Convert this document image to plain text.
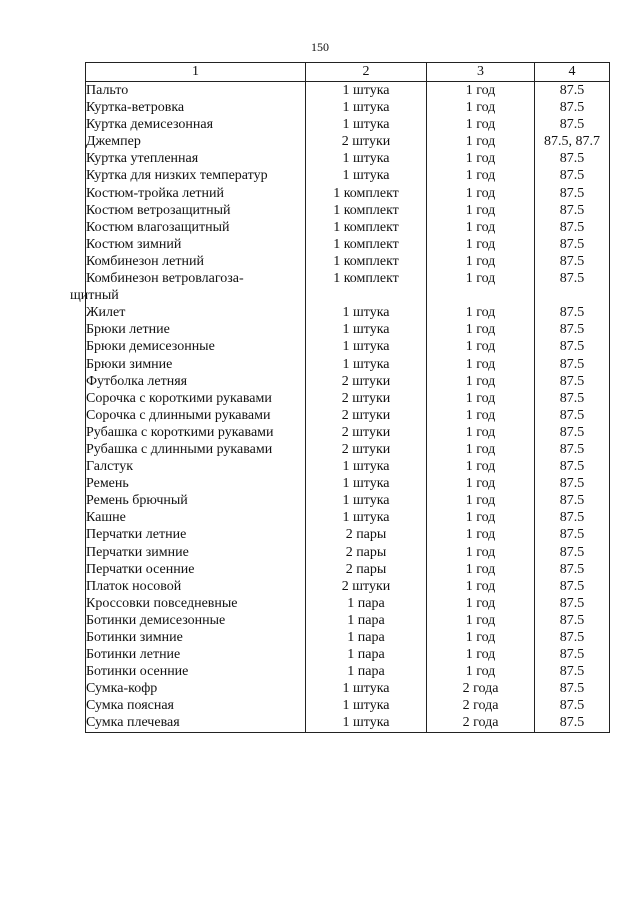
150
1	2	3	4
Пальто	1 штука	1 год	87.5
Куртка-ветровка	1 штука	1 год	87.5
Куртка демисезонная	1 штука	1 год	87.5
Джемпер	2 штуки	1 год	87.5, 87.7
Куртка утепленная	1 штука	1 год	87.5
Куртка для низких температур	1 штука	1 год	87.5
Костюм-тройка летний	1 комплект	1 год	87.5
Костюм ветрозащитный	1 комплект	1 год	87.5
Костюм влагозащитный	1 комплект	1 год	87.5
Костюм зимний	1 комплект	1 год	87.5
Комбинезон летний	1 комплект	1 год	87.5
Комбинезон ветровлагоза-
щитный	1 комплект	1 год	87.5
Жилет	1 штука	1 год	87.5
Брюки летние	1 штука	1 год	87.5
Брюки демисезонные	1 штука	1 год	87.5
Брюки зимние	1 штука	1 год	87.5
Футболка летняя	2 штуки	1 год	87.5
Сорочка с короткими рукавами	2 штуки	1 год	87.5
Сорочка с длинными рукавами	2 штуки	1 год	87.5
Рубашка с короткими рукавами	2 штуки	1 год	87.5
Рубашка с длинными рукавами	2 штуки	1 год	87.5
Галстук	1 штука	1 год	87.5
Ремень	1 штука	1 год	87.5
Ремень брючный	1 штука	1 год	87.5
Кашне	1 штука	1 год	87.5
Перчатки летние	2 пары	1 год	87.5
Перчатки зимние	2 пары	1 год	87.5
Перчатки осенние	2 пары	1 год	87.5
Платок носовой	2 штуки	1 год	87.5
Кроссовки повседневные	1 пара	1 год	87.5
Ботинки демисезонные	1 пара	1 год	87.5
Ботинки зимние	1 пара	1 год	87.5
Ботинки летние	1 пара	1 год	87.5
Ботинки осенние	1 пара	1 год	87.5
Сумка-кофр	1 штука	2 года	87.5
Сумка поясная	1 штука	2 года	87.5
Сумка плечевая	1 штука	2 года	87.5
